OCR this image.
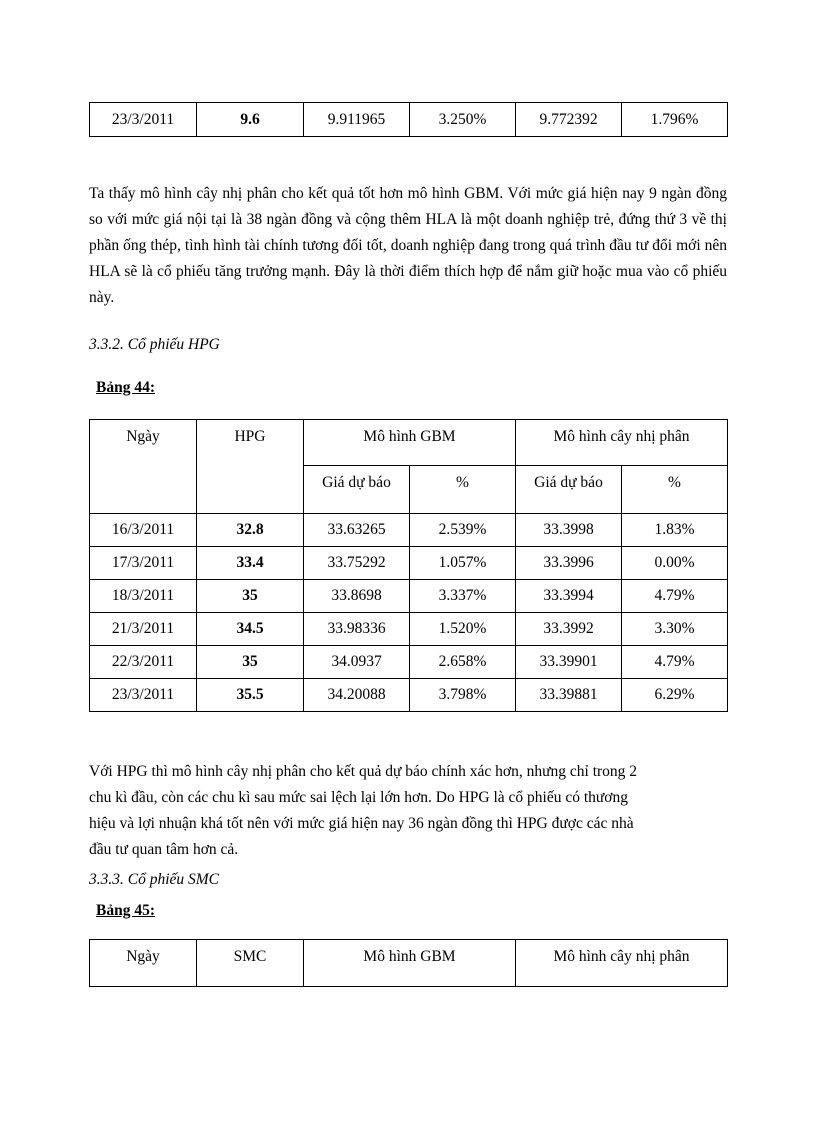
23/3/2011	9.6	9.911965	3.250%	9.772392	1.796%

Ta thấy mô hình cây nhị phân cho kết quả tốt hơn mô hình GBM. Với mức giá hiện nay 9 ngàn đồng so với mức giá nội tại là 38 ngàn đồng và cộng thêm HLA là một doanh nghiệp trẻ, đứng thứ 3 về thị phần ống thép, tình hình tài chính tương đối tốt, doanh nghiệp đang trong quá trình đầu tư đổi mới nên HLA sẽ là cổ phiếu tăng trưởng mạnh. Đây là thời điểm thích hợp để nắm giữ hoặc mua vào cổ phiếu này.

3.3.2. Cổ phiếu HPG

Bảng 44:

Ngày	HPG	Mô hình GBM		Mô hình cây nhị phân	
		Giá dự báo	%	Giá dự báo	%
16/3/2011	32.8	33.63265	2.539%	33.3998	1.83%
17/3/2011	33.4	33.75292	1.057%	33.3996	0.00%
18/3/2011	35	33.8698	3.337%	33.3994	4.79%
21/3/2011	34.5	33.98336	1.520%	33.3992	3.30%
22/3/2011	35	34.0937	2.658%	33.39901	4.79%
23/3/2011	35.5	34.20088	3.798%	33.39881	6.29%
Với HPG thì mô hình cây nhị phân cho kết quả dự báo chính xác hơn, nhưng chỉ trong 2
chu kì đầu, còn các chu kì sau mức sai lệch lại lớn hơn. Do HPG là cổ phiếu có thương
hiệu và lợi nhuận khá tốt nên với mức giá hiện nay 36 ngàn đồng thì HPG được các nhà
đầu tư quan tâm hơn cả.

3.3.3. Cổ phiếu SMC

Bảng 45:

Ngày	SMC	Mô hình GBM	Mô hình cây nhị phân
